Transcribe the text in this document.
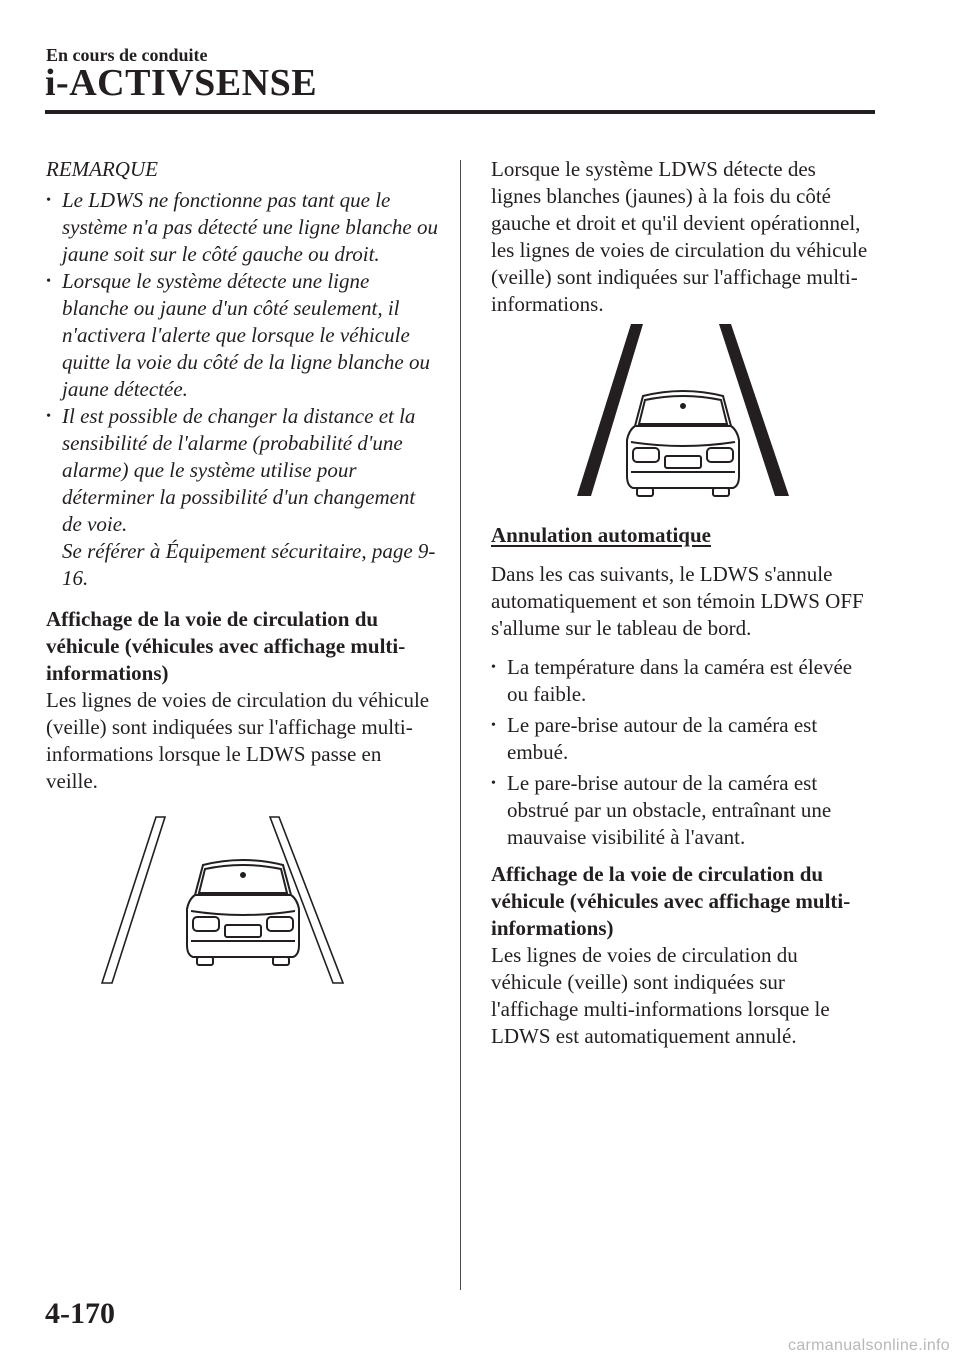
En cours de conduite
i-ACTIVSENSE

REMARQUE

• Le LDWS ne fonctionne pas tant que le système n'a pas détecté une ligne blanche ou jaune soit sur le côté gauche ou droit.
• Lorsque le système détecte une ligne blanche ou jaune d'un côté seulement, il n'activera l'alerte que lorsque le véhicule quitte la voie du côté de la ligne blanche ou jaune détectée.
• Il est possible de changer la distance et la sensibilité de l'alarme (probabilité d'une alarme) que le système utilise pour déterminer la possibilité d'un changement de voie.
Se référer à Équipement sécuritaire, page 9-16.

Affichage de la voie de circulation du véhicule (véhicules avec affichage multi-informations)

Les lignes de voies de circulation du véhicule (veille) sont indiquées sur l'affichage multi-informations lorsque le LDWS passe en veille.

Lorsque le système LDWS détecte des lignes blanches (jaunes) à la fois du côté gauche et droit et qu'il devient opérationnel, les lignes de voies de circulation du véhicule (veille) sont indiquées sur l'affichage multi-informations.

Annulation automatique

Dans les cas suivants, le LDWS s'annule automatiquement et son témoin LDWS OFF s'allume sur le tableau de bord.

• La température dans la caméra est élevée ou faible.
• Le pare-brise autour de la caméra est embué.
• Le pare-brise autour de la caméra est obstrué par un obstacle, entraînant une mauvaise visibilité à l'avant.

Affichage de la voie de circulation du véhicule (véhicules avec affichage multi-informations)

Les lignes de voies de circulation du véhicule (veille) sont indiquées sur l'affichage multi-informations lorsque le LDWS est automatiquement annulé.

4-170
carmanualsonline.info
